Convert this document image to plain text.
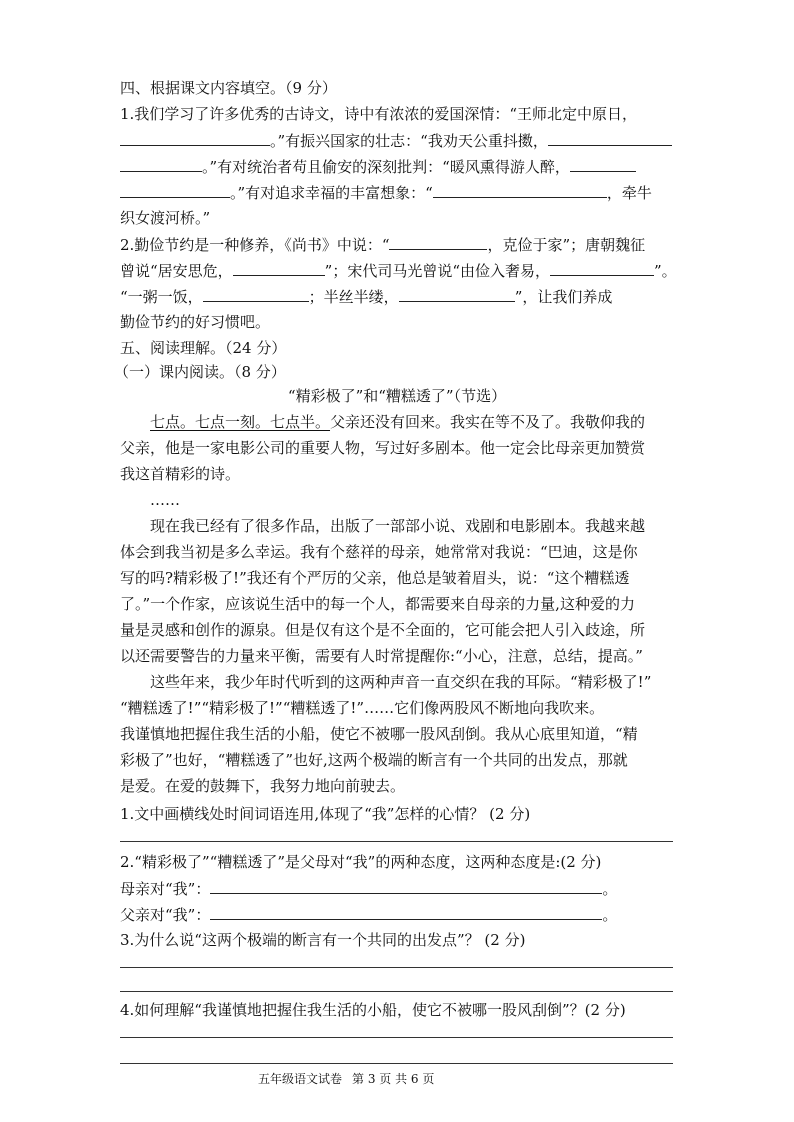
四、根据课文内容填空。（9 分）
1.我们学习了许多优秀的古诗文，诗中有浓浓的爱国深情：“王师北定中原日，
。”有振兴国家的壮志：“我劝天公重抖擞，
。”有对统治者苟且偷安的深刻批判：“暖风熏得游人醉，
。”有对追求幸福的丰富想象：“	，牵牛
织女渡河桥。”
2.勤俭节约是一种修养，《尚书》中说：“	，克俭于家”；唐朝魏征
曾说“居安思危，	”；宋代司马光曾说“由俭入奢易，	”。
“一粥一饭，	；半丝半缕，	”，让我们养成
勤俭节约的好习惯吧。
五、阅读理解。（24 分）
（一）课内阅读。（8 分）
“精彩极了”和“糟糕透了”（节选）
七点。七点一刻。七点半。父亲还没有回来。我实在等不及了。我敬仰我的
父亲，他是一家电影公司的重要人物，写过好多剧本。他一定会比母亲更加赞赏
我这首精彩的诗。
……
现在我已经有了很多作品，出版了一部部小说、戏剧和电影剧本。我越来越
体会到我当初是多么幸运。我有个慈祥的母亲，她常常对我说：“巴迪，这是你
写的吗?精彩极了!”我还有个严厉的父亲，他总是皱着眉头，说：“这个糟糕透
了。”一个作家，应该说生活中的每一个人，都需要来自母亲的力量,这种爱的力
量是灵感和创作的源泉。但是仅有这个是不全面的，它可能会把人引入歧途，所
以还需要警告的力量来平衡，需要有人时常提醒你:“小心，注意，总结，提高。”
这些年来，我少年时代听到的这两种声音一直交织在我的耳际。“精彩极了!”
“糟糕透了!”“精彩极了!”“糟糕透了!”……它们像两股风不断地向我吹来。
我谨慎地把握住我生活的小船，使它不被哪一股风刮倒。我从心底里知道，“精
彩极了”也好，“糟糕透了”也好,这两个极端的断言有一个共同的出发点，那就
是爱。在爱的鼓舞下，我努力地向前驶去。
1.文中画横线处时间词语连用,体现了“我”怎样的心情？ (2 分)
2.“精彩极了”“糟糕透了”是父母对“我”的两种态度，这两种态度是:(2 分)
母亲对“我”：	。
父亲对“我”：	。
3.为什么说“这两个极端的断言有一个共同的出发点”？ (2 分)
4.如何理解“我谨慎地把握住我生活的小船，使它不被哪一股风刮倒”？(2 分)
五年级语文试卷 第 3 页 共 6 页
